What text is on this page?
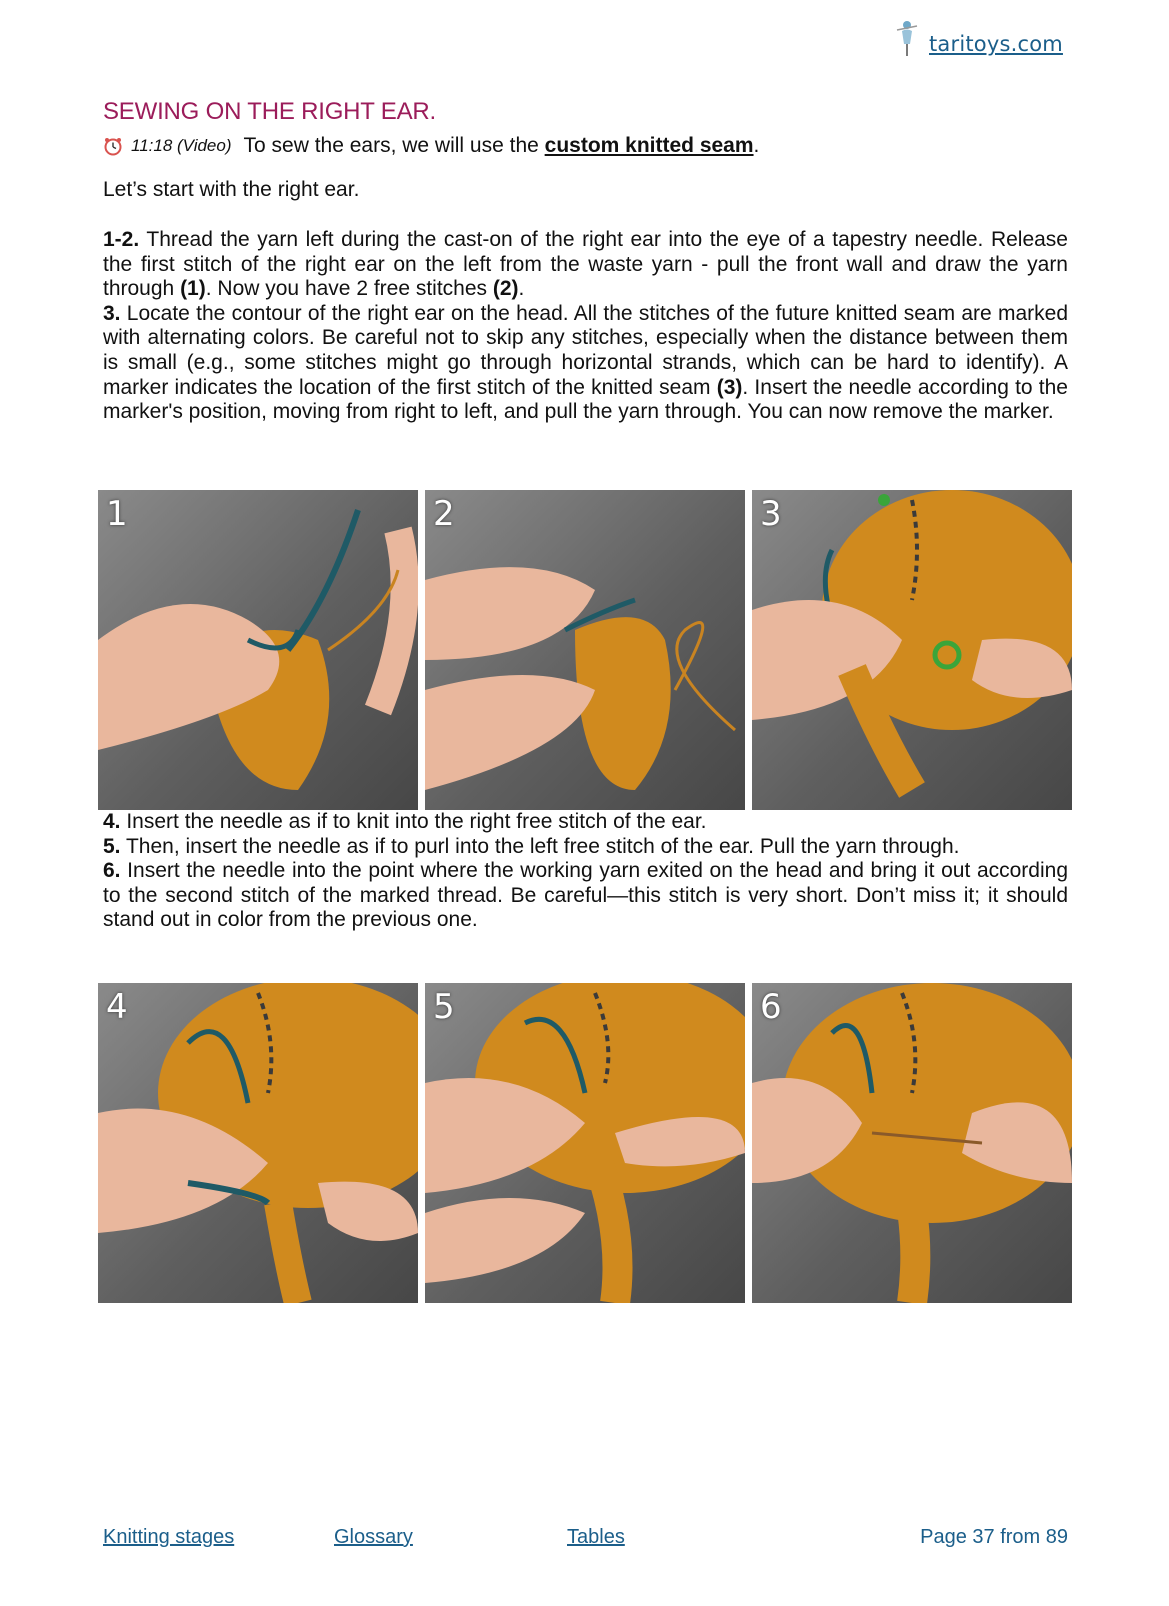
taritoys.com
SEWING ON THE RIGHT EAR.
11:18 (Video) To sew the ears, we will use the custom knitted seam .

Let’s start with the right ear.

1-2. Thread the yarn left during the cast-on of the right ear into the eye of a tapestry needle. Release the first stitch of the right ear on the left from the waste yarn - pull the front wall and draw the yarn through (1). Now you have 2 free stitches (2).
3. Locate the contour of the right ear on the head. All the stitches of the future knitted seam are marked with alternating colors. Be careful not to skip any stitches, especially when the distance between them is small (e.g., some stitches might go through horizontal strands, which can be hard to identify). A marker indicates the location of the first stitch of the knitted seam (3). Insert the needle according to the marker's position, moving from right to left, and pull the yarn through. You can now remove the marker.
1	2	3
4. Insert the needle as if to knit into the right free stitch of the ear.
5. Then, insert the needle as if to purl into the left free stitch of the ear. Pull the yarn through.
6. Insert the needle into the point where the working yarn exited on the head and bring it out according to the second stitch of the marked thread. Be careful—this stitch is very short. Don’t miss it; it should stand out in color from the previous one.
4	5	6
Knitting stages	Glossary	Tables	Page 37 from 89
